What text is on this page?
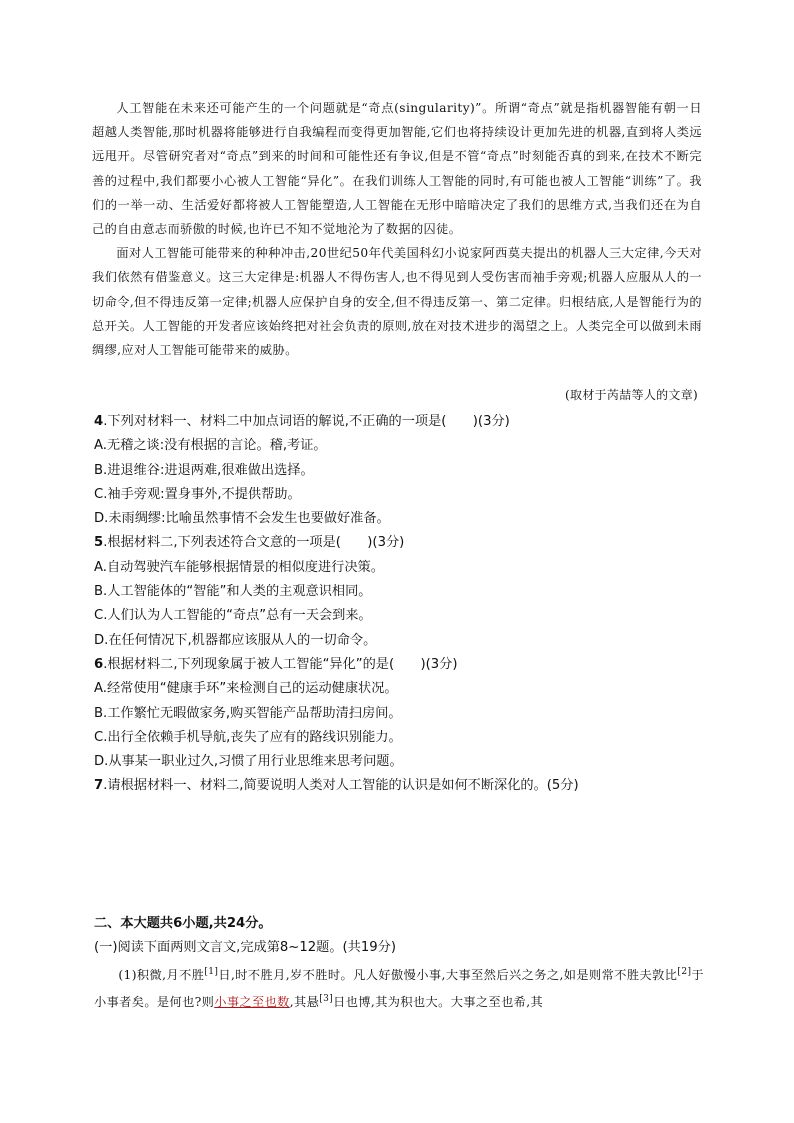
人工智能在未来还可能产生的一个问题就是“奇点(singularity)”。所谓“奇点”就是指机器智能有朝一日超越人类智能,那时机器将能够进行自我编程而变得更加智能,它们也将持续设计更加先进的机器,直到将人类远远甩开。尽管研究者对“奇点”到来的时间和可能性还有争议,但是不管“奇点”时刻能否真的到来,在技术不断完善的过程中,我们都要小心被人工智能“异化”。在我们训练人工智能的同时,有可能也被人工智能“训练”了。我们的一举一动、生活爱好都将被人工智能塑造,人工智能在无形中暗暗决定了我们的思维方式,当我们还在为自己的自由意志而骄傲的时候,也许已不知不觉地沦为了数据的囚徒。

面对人工智能可能带来的种种冲击,20世纪50年代美国科幻小说家阿西莫夫提出的机器人三大定律,今天对我们依然有借鉴意义。这三大定律是:机器人不得伤害人,也不得见到人受伤害而袖手旁观;机器人应服从人的一切命令,但不得违反第一定律;机器人应保护自身的安全,但不得违反第一、第二定律。归根结底,人是智能行为的总开关。人工智能的开发者应该始终把对社会负责的原则,放在对技术进步的渴望之上。人类完全可以做到未雨绸缪,应对人工智能可能带来的威胁。

(取材于芮喆等人的文章)

4.下列对材料一、材料二中加点词语的解说,不正确的一项是(　　)(3分)

A.无稽之谈:没有根据的言论。稽,考证。

B.进退维谷:进退两难,很难做出选择。

C.袖手旁观:置身事外,不提供帮助。

D.未雨绸缪:比喻虽然事情不会发生也要做好准备。

5.根据材料二,下列表述符合文意的一项是(　　)(3分)

A.自动驾驶汽车能够根据情景的相似度进行决策。

B.人工智能体的“智能”和人类的主观意识相同。

C.人们认为人工智能的“奇点”总有一天会到来。

D.在任何情况下,机器都应该服从人的一切命令。

6.根据材料二,下列现象属于被人工智能“异化”的是(　　)(3分)

A.经常使用“健康手环”来检测自己的运动健康状况。

B.工作繁忙无暇做家务,购买智能产品帮助清扫房间。

C.出行全依赖手机导航,丧失了应有的路线识别能力。

D.从事某一职业过久,习惯了用行业思维来思考问题。

7.请根据材料一、材料二,简要说明人类对人工智能的认识是如何不断深化的。(5分)

二、本大题共6小题,共24分。

(一)阅读下面两则文言文,完成第8~12题。(共19分)

(1)积微,月不胜[1]日,时不胜月,岁不胜时。凡人好傲慢小事,大事至然后兴之务之,如是则常不胜夫敦比[2]于小事者矣。是何也?则小事之至也数,其悬[3]日也博,其为积也大。大事之至也希,其
